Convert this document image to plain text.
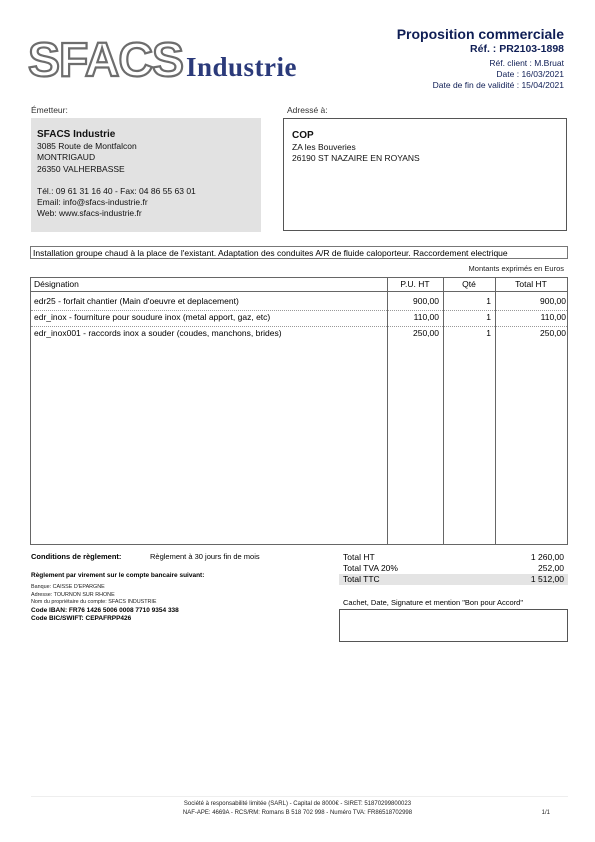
SFACS Industrie
Proposition commerciale
Réf. : PR2103-1898
Réf. client : M.Bruat
Date : 16/03/2021
Date de fin de validité : 15/04/2021
Émetteur:
SFACS Industrie
3085 Route de Montfalcon
MONTRIGAUD
26350 VALHERBASSE
Tél.: 09 61 31 16 40 - Fax: 04 86 55 63 01
Email: info@sfacs-industrie.fr
Web: www.sfacs-industrie.fr
Adressé à:
COP
ZA les Bouveries
26190 ST NAZAIRE EN ROYANS
Installation groupe chaud à la place de l'existant. Adaptation des conduites A/R de fluide caloporteur. Raccordement electrique
Montants exprimés en Euros
Désignation	P.U. HT	Qté	Total HT
edr25 - forfait chantier (Main d'oeuvre et deplacement)	900,00	1	900,00
edr_inox - fourniture pour soudure inox (metal apport, gaz, etc)	110,00	1	110,00
edr_inox001 - raccords inox a souder (coudes, manchons, brides)	250,00	1	250,00
Conditions de règlement:	Règlement à 30 jours fin de mois
Règlement par virement sur le compte bancaire suivant:
Banque: CAISSE D'EPARGNE
Adresse: TOURNON SUR RHONE
Nom du propriétaire du compte: SFACS INDUSTRIE
Code IBAN: FR76 1426 5006 0008 7710 9354 338
Code BIC/SWIFT: CEPAFRPP426
Total HT	1 260,00
Total TVA 20%	252,00
Total TTC	1 512,00
Cachet, Date, Signature et mention "Bon pour Accord"
Société à responsabilité limitée (SARL) - Capital de 8000€ - SIRET: 51870299800023
NAF-APE: 4669A - RCS/RM: Romans B 518 702 998 - Numéro TVA: FR86518702998	1/1
